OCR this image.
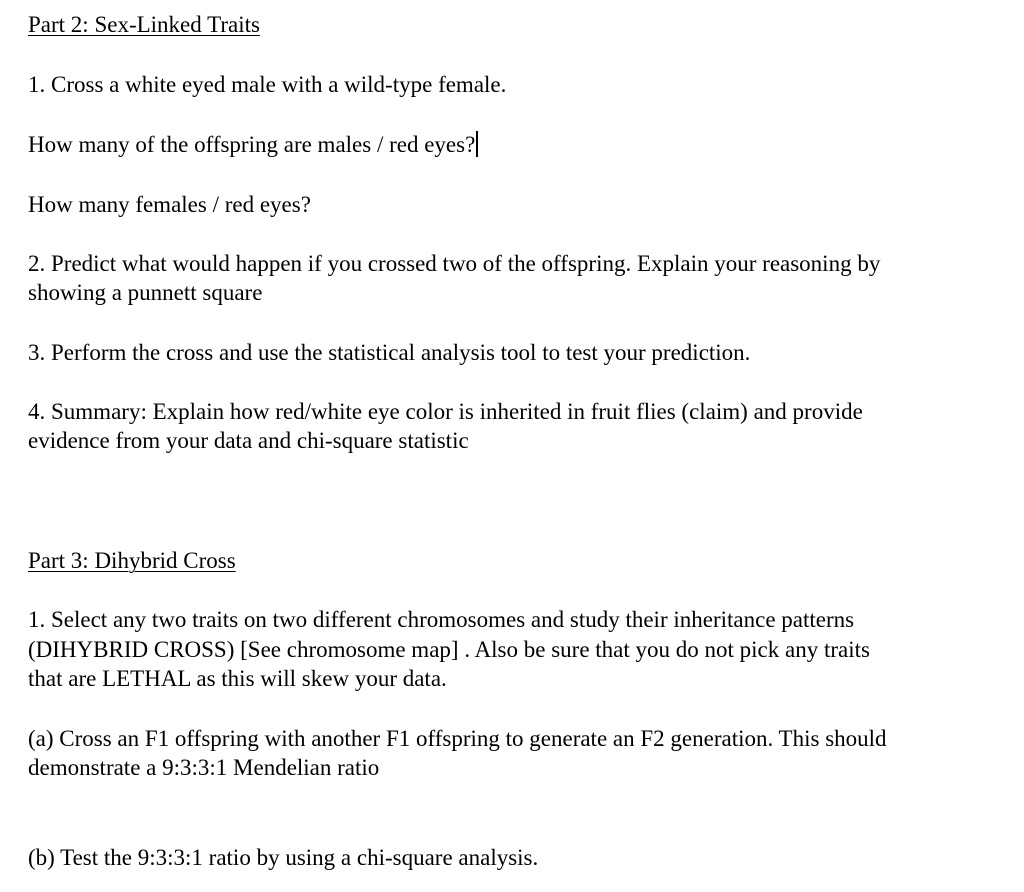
Part 2: Sex-Linked Traits
1. Cross a white eyed male with a wild-type female.
How many of the offspring are males / red eyes?
How many females / red eyes?
2. Predict what would happen if you crossed two of the offspring. Explain your reasoning by
showing a punnett square
3. Perform the cross and use the statistical analysis tool to test your prediction.
4. Summary: Explain how red/white eye color is inherited in fruit flies (claim) and provide
evidence from your data and chi-square statistic
Part 3: Dihybrid Cross
1. Select any two traits on two different chromosomes and study their inheritance patterns
(DIHYBRID CROSS) [See chromosome map] . Also be sure that you do not pick any traits
that are LETHAL as this will skew your data.
(a) Cross an F1 offspring with another F1 offspring to generate an F2 generation. This should
demonstrate a 9:3:3:1 Mendelian ratio
(b) Test the 9:3:3:1 ratio by using a chi-square analysis.
